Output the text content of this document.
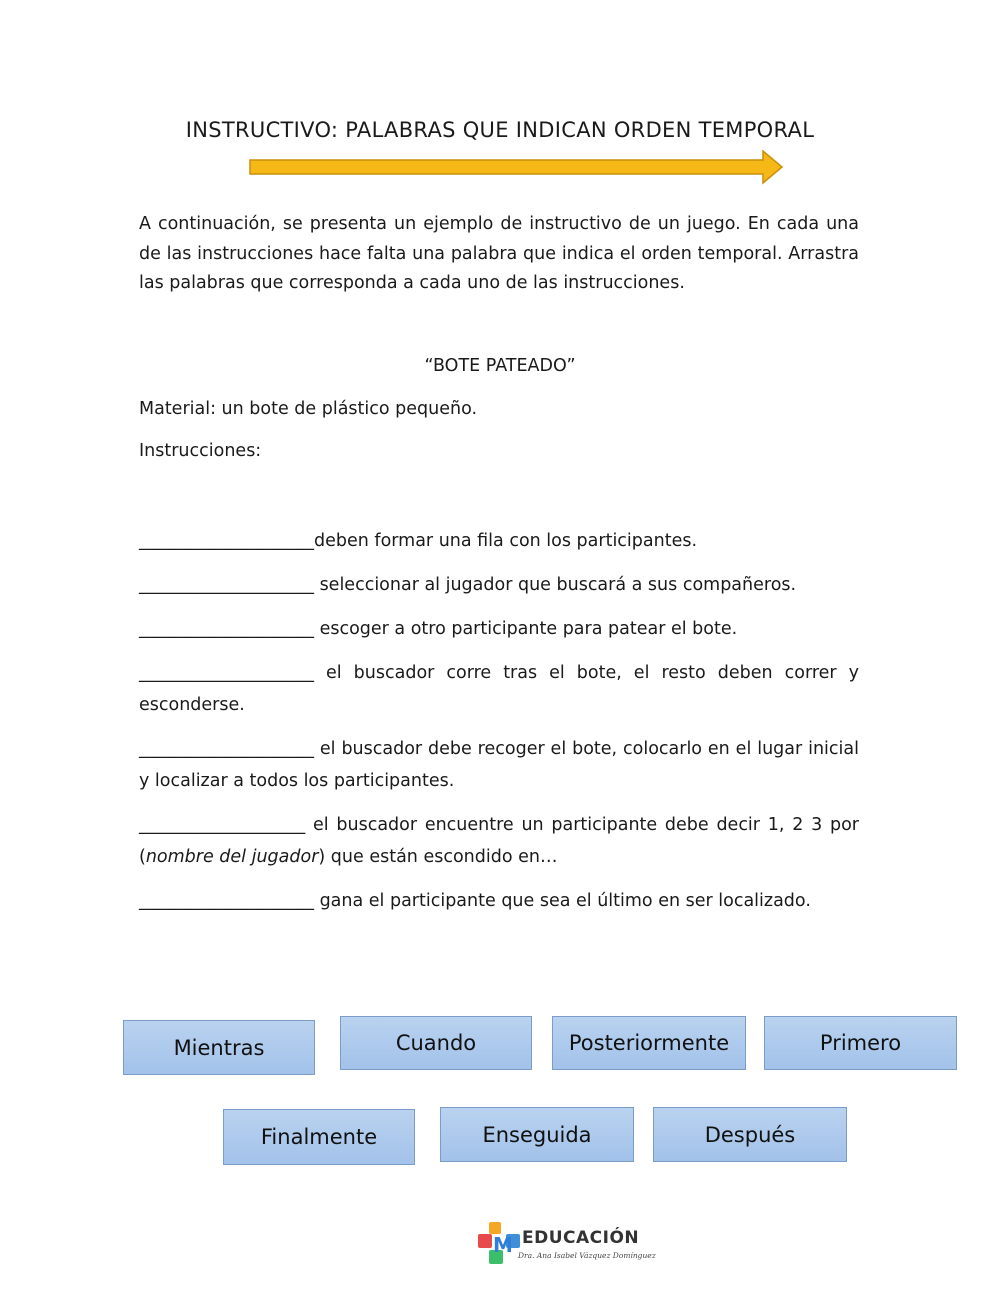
INSTRUCTIVO: PALABRAS QUE INDICAN ORDEN TEMPORAL
A continuación, se presenta un ejemplo de instructivo de un juego. En cada una de las instrucciones hace falta una palabra que indica el orden temporal. Arrastra las palabras que corresponda a cada uno de las instrucciones.
“BOTE PATEADO”
Material: un bote de plástico pequeño.
Instrucciones:
____________________deben formar una fila con los participantes.
____________________ seleccionar al jugador que buscará a sus compañeros.
____________________ escoger a otro participante para patear el bote.
____________________ el buscador corre tras el bote, el resto deben correr y esconderse.
____________________ el buscador debe recoger el bote, colocarlo en el lugar inicial y localizar a todos los participantes.
___________________ el buscador encuentre un participante debe decir 1, 2 3 por (nombre del jugador) que están escondido en…
____________________ gana el participante que sea el último en ser localizado.
Mientras	Cuando	Posteriormente	Primero
Finalmente	Enseguida	Después
M EDUCACIÓN
Dra. Ana Isabel Vázquez Domínguez
